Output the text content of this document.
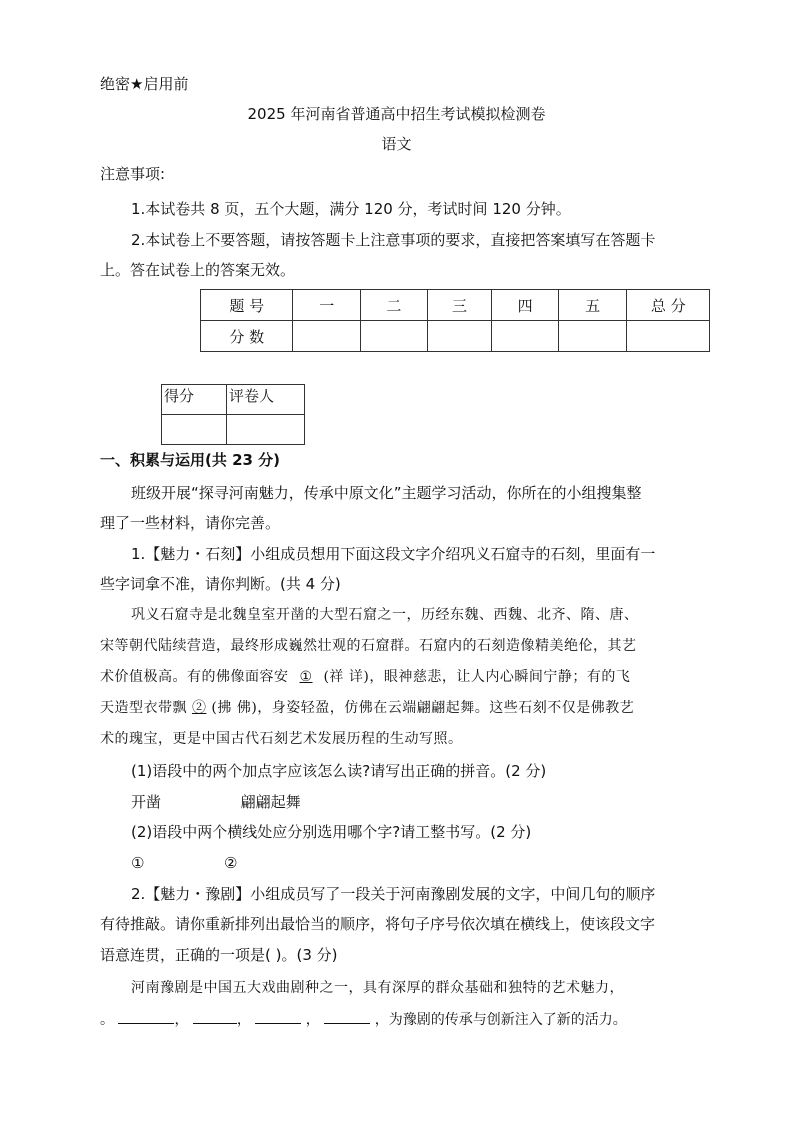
绝密★启用前
2025 年河南省普通高中招生考试模拟检测卷
语文
注意事项:
1.本试卷共 8 页，五个大题，满分 120 分，考试时间 120 分钟。
2.本试卷上不要答题，请按答题卡上注意事项的要求，直接把答案填写在答题卡
上。答在试卷上的答案无效。
题 号	一	二	三	四	五	总 分
分 数						
得分	评卷人

一、积累与运用(共 23 分)
班级开展“探寻河南魅力，传承中原文化”主题学习活动，你所在的小组搜集整
理了一些材料，请你完善。
1.【魅力・石刻】小组成员想用下面这段文字介绍巩义石窟寺的石刻，里面有一
些字词拿不准，请你判断。(共 4 分)
巩义石窟寺是北魏皇室开凿的大型石窟之一，历经东魏、西魏、北齐、隋、唐、
宋等朝代陆续营造，最终形成巍然壮观的石窟群。石窟内的石刻造像精美绝伦，其艺
术价值极高。有的佛像面容安 ① (祥 详)，眼神慈悲，让人内心瞬间宁静；有的飞
天造型衣带飘 ② (拂 佛)，身姿轻盈，仿佛在云端翩翩起舞。这些石刻不仅是佛教艺
术的瑰宝，更是中国古代石刻艺术发展历程的生动写照。
(1)语段中的两个加点字应该怎么读?请写出正确的拼音。(2 分)
开凿	翩翩起舞
(2)语段中两个横线处应分别选用哪个字?请工整书写。(2 分)
①	②
2.【魅力・豫剧】小组成员写了一段关于河南豫剧发展的文字，中间几句的顺序
有待推敲。请你重新排列出最恰当的顺序，将句子序号依次填在横线上，使该段文字
语意连贯，正确的一项是( )。(3 分)
河南豫剧是中国五大戏曲剧种之一，具有深厚的群众基础和独特的艺术魅力，
。	，	，	，	，为豫剧的传承与创新注入了新的活力。
